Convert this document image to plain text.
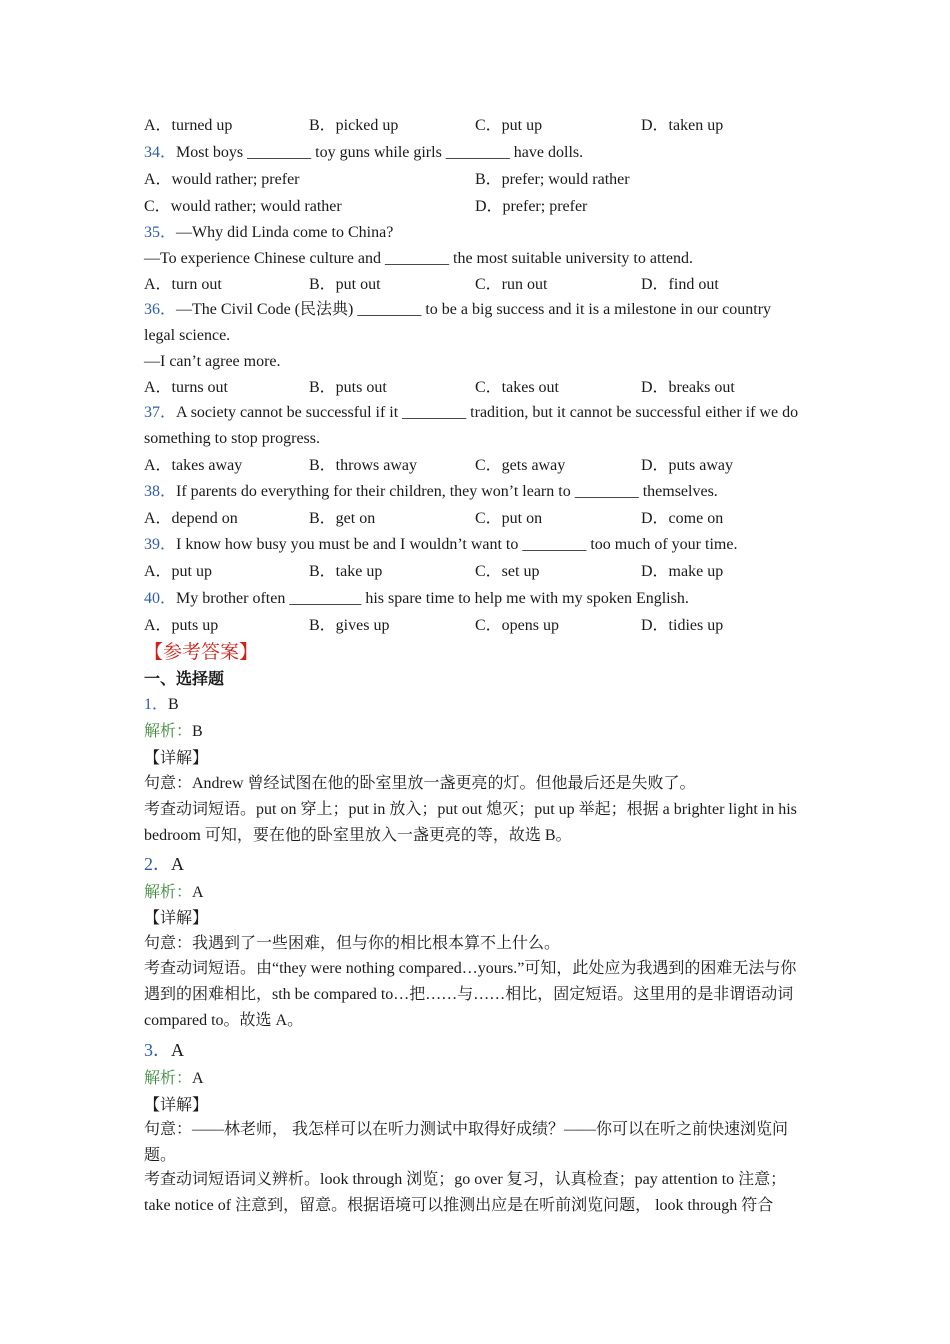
A．turned up	B．picked up	C．put up	D．taken up
34．Most boys ________ toy guns while girls ________ have dolls.
A．would rather; prefer	B．prefer; would rather
C．would rather; would rather	D．prefer; prefer
35．—Why did Linda come to China?
—To experience Chinese culture and ________ the most suitable university to attend.
A．turn out	B．put out	C．run out	D．find out
36．—The Civil Code (民法典) ________ to be a big success and it is a milestone in our country legal science.
—I can’t agree more.
A．turns out	B．puts out	C．takes out	D．breaks out
37．A society cannot be successful if it ________ tradition, but it cannot be successful either if we do something to stop progress.
A．takes away	B．throws away	C．gets away	D．puts away
38．If parents do everything for their children, they won’t learn to ________ themselves.
A．depend on	B．get on	C．put on	D．come on
39．I know how busy you must be and I wouldn’t want to ________ too much of your time.
A．put up	B．take up	C．set up	D．make up
40．My brother often _________ his spare time to help me with my spoken English.
A．puts up	B．gives up	C．opens up	D．tidies up
【参考答案】
一、选择题
1．B
解析：B
【详解】
句意：Andrew 曾经试图在他的卧室里放一盏更亮的灯。但他最后还是失败了。
考查动词短语。put on 穿上；put in 放入；put out 熄灭；put up 举起；根据 a brighter light in his bedroom 可知，要在他的卧室里放入一盏更亮的等，故选 B。
2．A
解析：A
【详解】
句意：我遇到了一些困难，但与你的相比根本算不上什么。
考查动词短语。由“they were nothing compared…yours.”可知，此处应为我遇到的困难无法与你遇到的困难相比，sth be compared to…把……与……相比，固定短语。这里用的是非谓语动词 compared to。故选 A。
3．A
解析：A
【详解】
句意：——林老师， 我怎样可以在听力测试中取得好成绩？——你可以在听之前快速浏览问题。
考查动词短语词义辨析。look through 浏览；go over 复习，认真检查；pay attention to 注意；take notice of 注意到，留意。根据语境可以推测出应是在听前浏览问题， look through 符合
